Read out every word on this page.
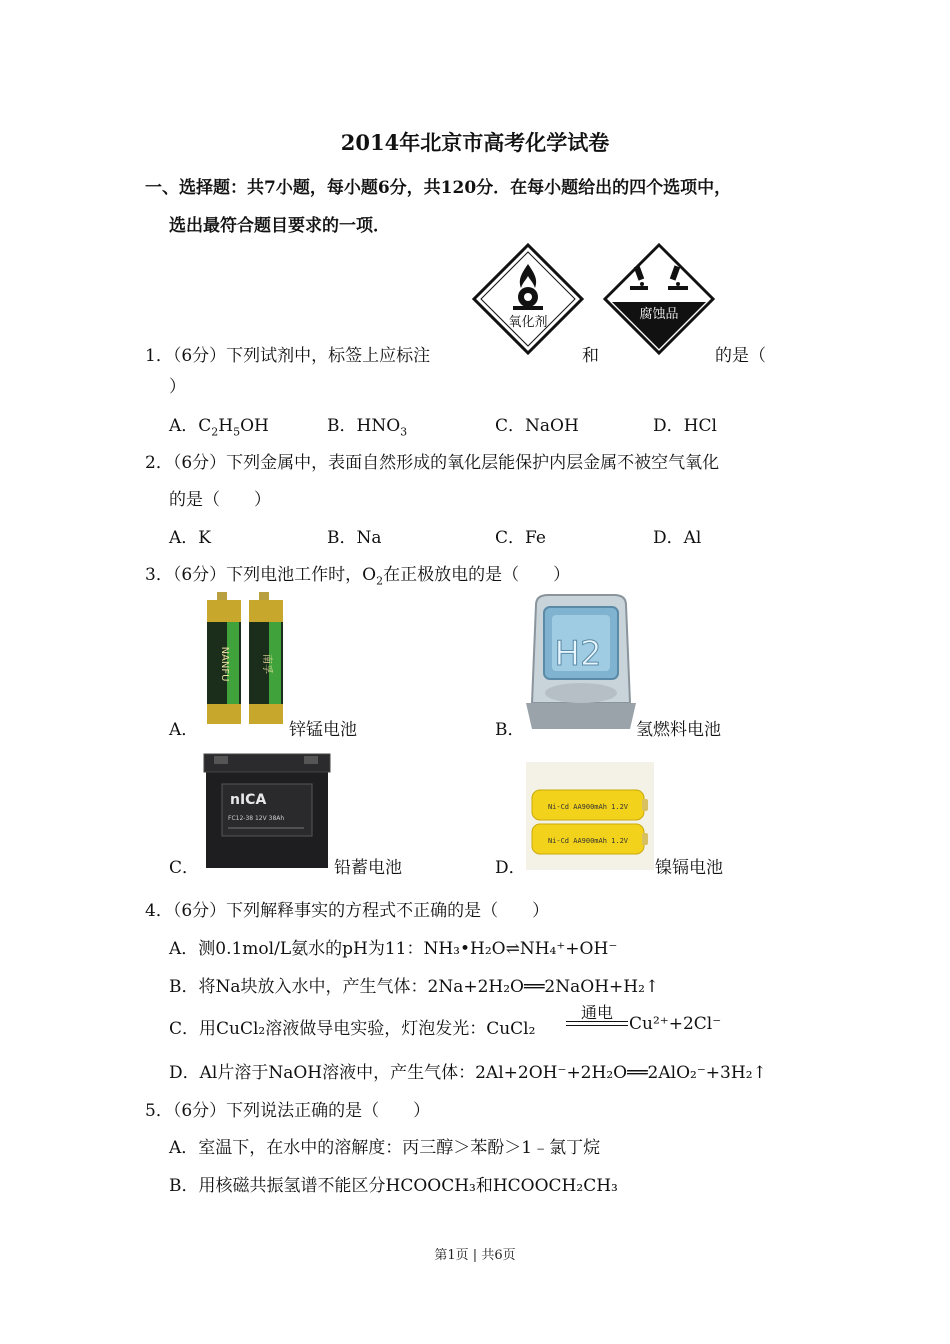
2014年北京市高考化学试卷
一、选择题：共7小题，每小题6分，共120分．在每小题给出的四个选项中，
选出最符合题目要求的一项．
氧化剂
和
腐蚀品
1．（6分）下列试剂中，标签上应标注	的是（
）
A．$C_2H_5OH$	B．$HNO_3$	C．NaOH	D．HCl
2．（6分）下列金属中，表面自然形成的氧化层能保护内层金属不被空气氧化
的是（　　）
A．K	B．Na	C．Fe	D．Al
3．（6分）下列电池工作时，$O_2$在正极放电的是（　　）
A．
NANFU	南孚
锌锰电池	B．
H2
氢燃料电池
C．
nICA
FC12-38 12V 38Ah
铅蓄电池	D．
Ni-Cd AA900mAh 1.2V
Ni-Cd AA900mAh 1.2V
镍镉电池
4．（6分）下列解释事实的方程式不正确的是（　　）
A．测0.1mol/L氨水的pH为11：NH₃•H₂O⇌NH₄⁺+OH⁻
B．将Na块放入水中，产生气体：2Na+2H₂O══2NaOH+H₂↑
C．用CuCl₂溶液做导电实验，灯泡发光：CuCl₂
通电
Cu²⁺+2Cl⁻
D．Al片溶于NaOH溶液中，产生气体：2Al+2OH⁻+2H₂O══2AlO₂⁻+3H₂↑
5．（6分）下列说法正确的是（　　）
A．室温下，在水中的溶解度：丙三醇＞苯酚＞1﹣氯丁烷
B．用核磁共振氢谱不能区分HCOOCH₃和HCOOCH₂CH₃
第1页 | 共6页
